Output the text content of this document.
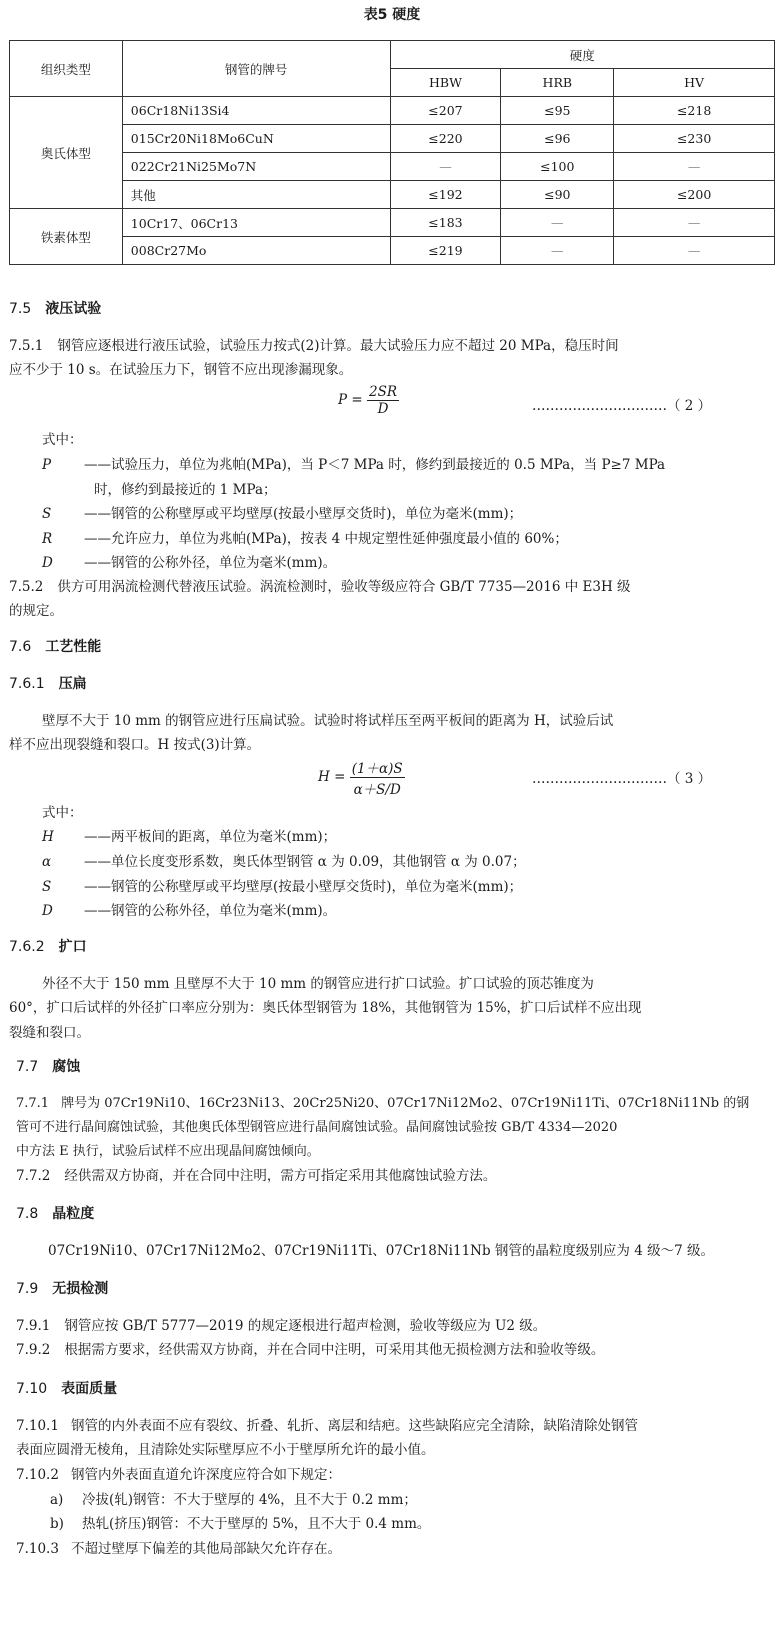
表5 硬度
组织类型	钢管的牌号	硬度		
		HBW	HRB	HV
奥氏体型	06Cr18Ni13Si4	≤207	≤95	≤218
	015Cr20Ni18Mo6CuN	≤220	≤96	≤230
	022Cr21Ni25Mo7N	—	≤100	—
	其他	≤192	≤90	≤200
铁素体型	10Cr17、06Cr13	≤183	—	—
	008Cr27Mo	≤219	—	—
7.5 液压试验
7.5.1 钢管应逐根进行液压试验，试验压力按式(2)计算。最大试验压力应不超过 20 MPa，稳压时间
应不少于 10 s。在试验压力下，钢管不应出现渗漏现象。
$P = \frac{2SR}{D}$	…………………………（ 2 ）
式中：
P ——试验压力，单位为兆帕(MPa)，当 P＜7 MPa 时，修约到最接近的 0.5 MPa，当 P≥7 MPa
时，修约到最接近的 1 MPa；
S ——钢管的公称壁厚或平均壁厚(按最小壁厚交货时)，单位为毫米(mm)；
R ——允许应力，单位为兆帕(MPa)，按表 4 中规定塑性延伸强度最小值的 60%；
D ——钢管的公称外径，单位为毫米(mm)。
7.5.2 供方可用涡流检测代替液压试验。涡流检测时，验收等级应符合 GB/T 7735—2016 中 E3H 级
的规定。
7.6 工艺性能
7.6.1 压扁
壁厚不大于 10 mm 的钢管应进行压扁试验。试验时将试样压至两平板间的距离为 H，试验后试
样不应出现裂缝和裂口。H 按式(3)计算。
$H = \frac{(1+\alpha)S}{\alpha+S/D}$	…………………………（ 3 ）
式中：
H ——两平板间的距离，单位为毫米(mm)；
α ——单位长度变形系数，奥氏体型钢管 α 为 0.09，其他钢管 α 为 0.07；
S ——钢管的公称壁厚或平均壁厚(按最小壁厚交货时)，单位为毫米(mm)；
D ——钢管的公称外径，单位为毫米(mm)。
7.6.2 扩口
外径不大于 150 mm 且壁厚不大于 10 mm 的钢管应进行扩口试验。扩口试验的顶芯锥度为
60°，扩口后试样的外径扩口率应分别为：奥氏体型钢管为 18%，其他钢管为 15%，扩口后试样不应出现
裂缝和裂口。
7.7 腐蚀
7.7.1 牌号为 07Cr19Ni10、16Cr23Ni13、20Cr25Ni20、07Cr17Ni12Mo2、07Cr19Ni11Ti、07Cr18Ni11Nb 的钢
管可不进行晶间腐蚀试验，其他奥氏体型钢管应进行晶间腐蚀试验。晶间腐蚀试验按 GB/T 4334—2020
中方法 E 执行，试验后试样不应出现晶间腐蚀倾向。
7.7.2 经供需双方协商，并在合同中注明，需方可指定采用其他腐蚀试验方法。
7.8 晶粒度
07Cr19Ni10、07Cr17Ni12Mo2、07Cr19Ni11Ti、07Cr18Ni11Nb 钢管的晶粒度级别应为 4 级～7 级。
7.9 无损检测
7.9.1 钢管应按 GB/T 5777—2019 的规定逐根进行超声检测，验收等级应为 U2 级。
7.9.2 根据需方要求，经供需双方协商，并在合同中注明，可采用其他无损检测方法和验收等级。
7.10 表面质量
7.10.1 钢管的内外表面不应有裂纹、折叠、轧折、离层和结疤。这些缺陷应完全清除，缺陷清除处钢管
表面应圆滑无棱角，且清除处实际壁厚应不小于壁厚所允许的最小值。
7.10.2 钢管内外表面直道允许深度应符合如下规定：
a) 冷拔(轧)钢管：不大于壁厚的 4%，且不大于 0.2 mm；
b) 热轧(挤压)钢管：不大于壁厚的 5%，且不大于 0.4 mm。
7.10.3 不超过壁厚下偏差的其他局部缺欠允许存在。
